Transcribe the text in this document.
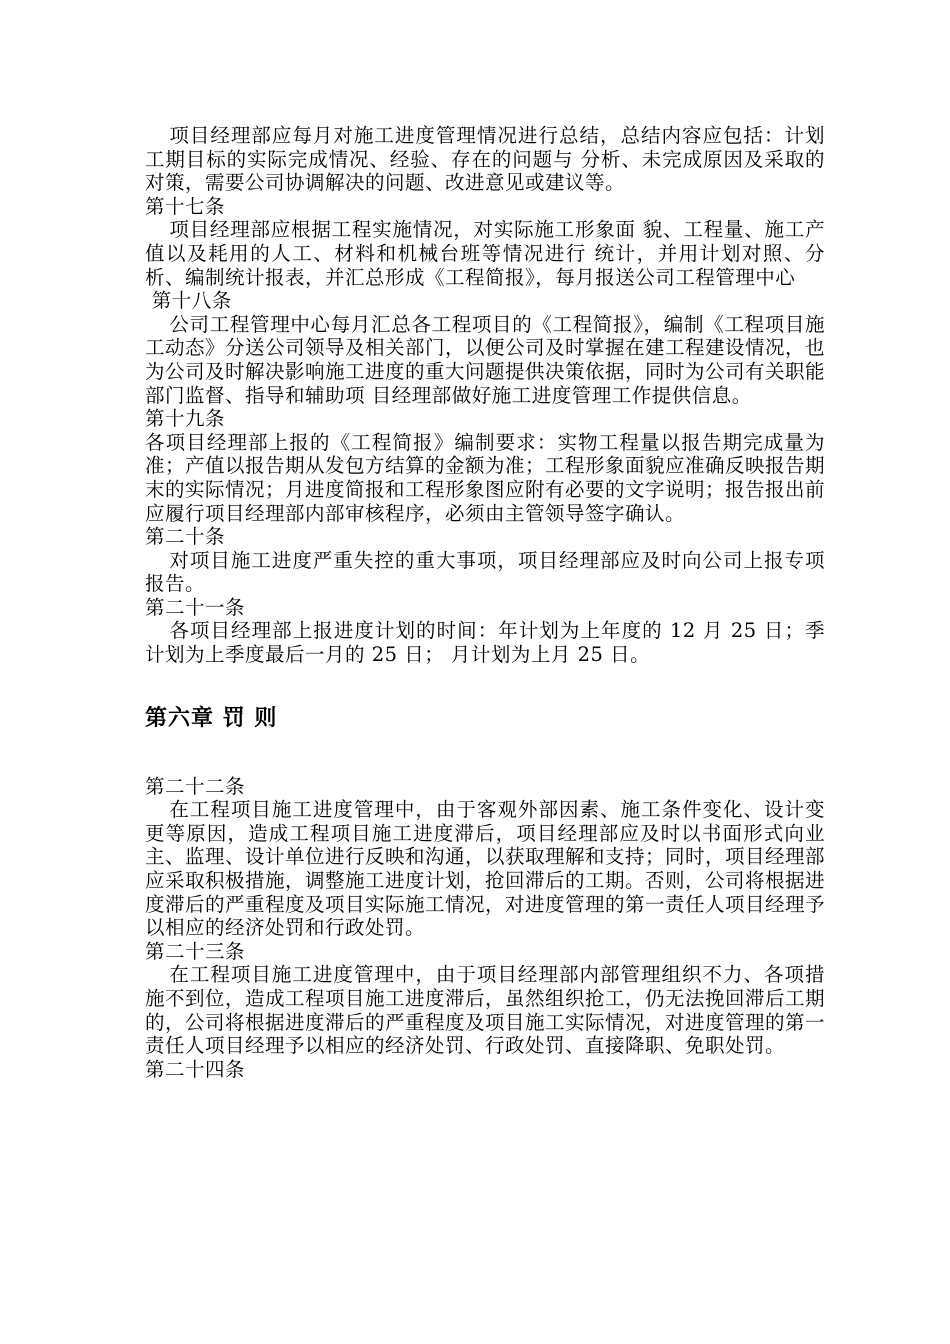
项目经理部应每月对施工进度管理情况进行总结，总结内容应包括：计划工期目标的实际完成情况、经验、存在的问题与 分析、未完成原因及采取的对策，需要公司协调解决的问题、改进意见或建议等。

第十七条

项目经理部应根据工程实施情况，对实际施工形象面 貌、工程量、施工产值以及耗用的人工、材料和机械台班等情况进行 统计，并用计划对照、分析、编制统计报表，并汇总形成《工程简报》，每月报送公司工程管理中心

第十八条

公司工程管理中心每月汇总各工程项目的《工程简报》，编制《工程项目施工动态》分送公司领导及相关部门，以便公司及时掌握在建工程建设情况，也为公司及时解决影响施工进度的重大问题提供决策依据，同时为公司有关职能部门监督、指导和辅助项 目经理部做好施工进度管理工作提供信息。

第十九条

各项目经理部上报的《工程简报》编制要求：实物工程量以报告期完成量为准；产值以报告期从发包方结算的金额为准；工程形象面貌应准确反映报告期末的实际情况；月进度简报和工程形象图应附有必要的文字说明；报告报出前应履行项目经理部内部审核程序，必须由主管领导签字确认。

第二十条

对项目施工进度严重失控的重大事项，项目经理部应及时向公司上报专项报告。

第二十一条

各项目经理部上报进度计划的时间：年计划为上年度的 12 月 25 日；季计划为上季度最后一月的 25 日； 月计划为上月 25 日。

第六章 罚 则

第二十二条

在工程项目施工进度管理中，由于客观外部因素、施工条件变化、设计变更等原因，造成工程项目施工进度滞后，项目经理部应及时以书面形式向业主、监理、设计单位进行反映和沟通，以获取理解和支持；同时，项目经理部应采取积极措施，调整施工进度计划，抢回滞后的工期。否则，公司将根据进度滞后的严重程度及项目实际施工情况，对进度管理的第一责任人项目经理予以相应的经济处罚和行政处罚。

第二十三条

在工程项目施工进度管理中，由于项目经理部内部管理组织不力、各项措施不到位，造成工程项目施工进度滞后，虽然组织抢工，仍无法挽回滞后工期的，公司将根据进度滞后的严重程度及项目施工实际情况，对进度管理的第一责任人项目经理予以相应的经济处罚、行政处罚、直接降职、免职处罚。

第二十四条
